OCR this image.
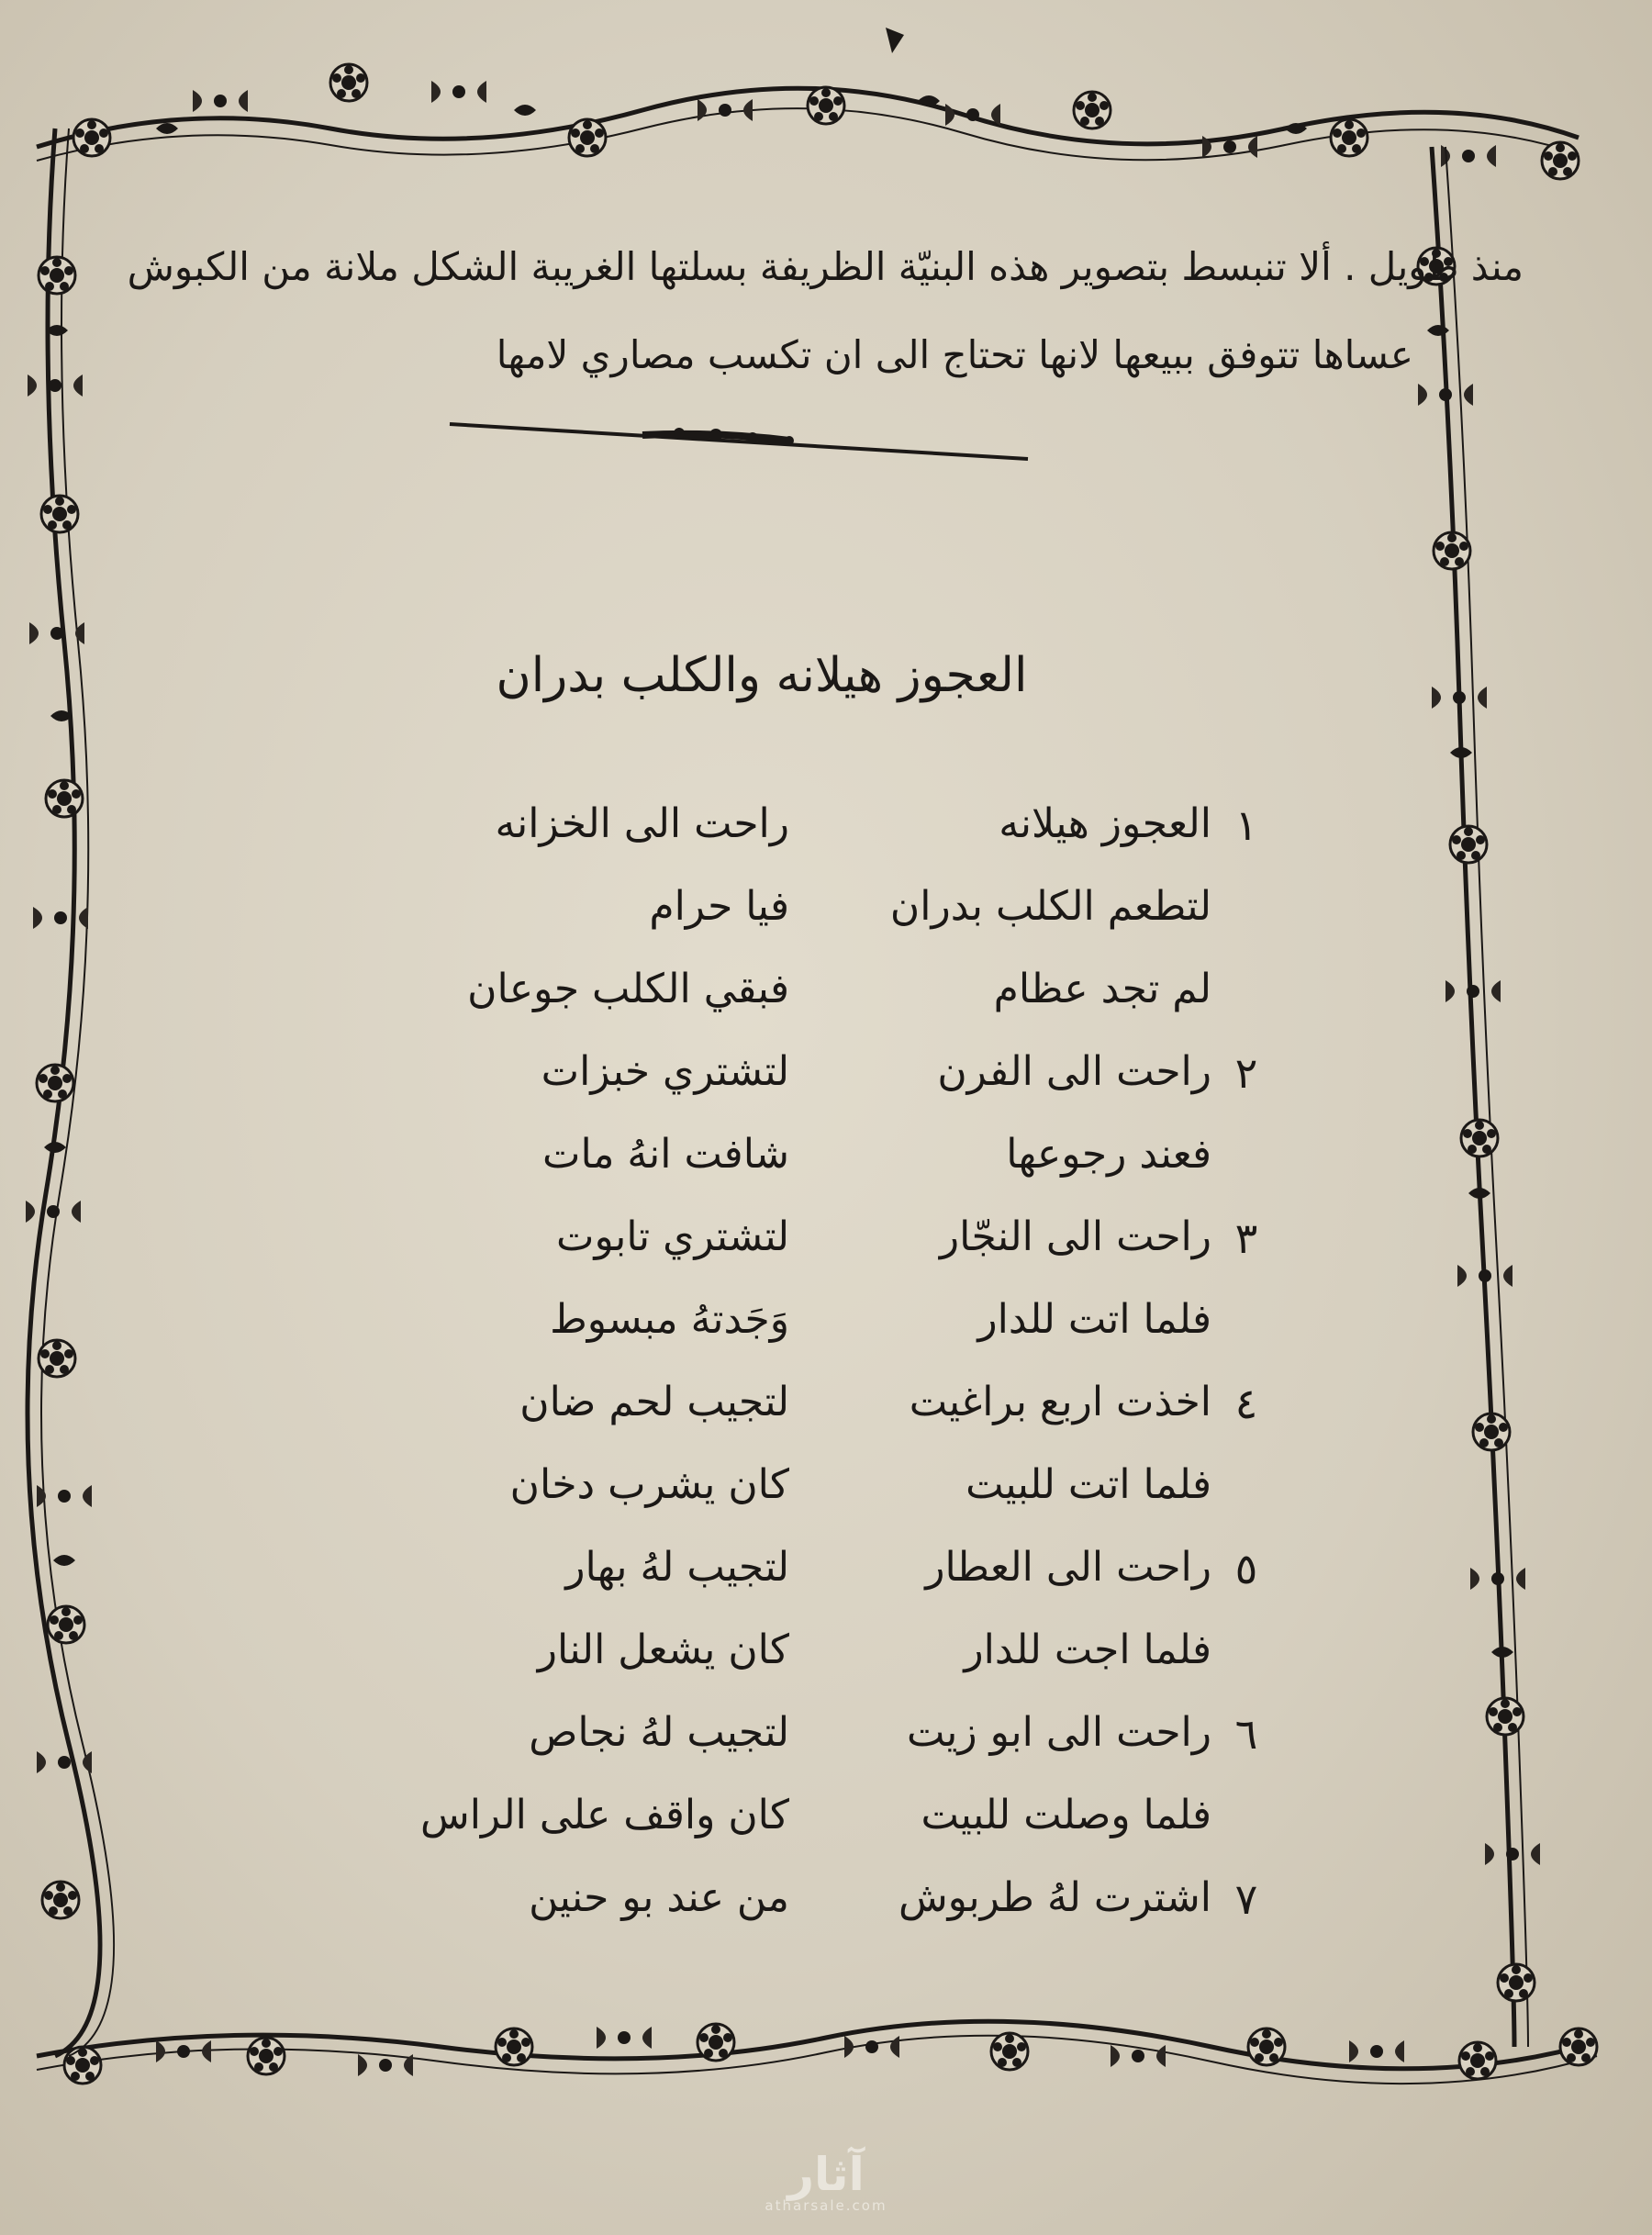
منذ طويل . ألا تنبسط بتصوير هذه البنيّة الظريفة بسلتها الغريبة الشكل ملانة من الكبوش
عساها تتوفق ببيعها لانها تحتاج الى ان تكسب مصاري لامها
العجوز هيلانه والكلب بدران
١
العجوز هيلانه
راحت الى الخزانه
لتطعم الكلب بدران
فيا حرام
لم تجد عظام
فبقي الكلب جوعان
٢
راحت الى الفرن
لتشتري خبزات
فعند رجوعها
شافت انهُ مات
٣
راحت الى النجّار
لتشتري تابوت
فلما اتت للدار
وَجَدتهُ مبسوط
٤
اخذت اربع براغيت
لتجيب لحم ضان
فلما اتت للبيت
كان يشرب دخان
٥
راحت الى العطار
لتجيب لهُ بهار
فلما اجت للدار
كان يشعل النار
٦
راحت الى ابو زيت
لتجيب لهُ نجاص
فلما وصلت للبيت
كان واقف على الراس
٧
اشترت لهُ طربوش
من عند بو حنين
آثار
atharsale.com
